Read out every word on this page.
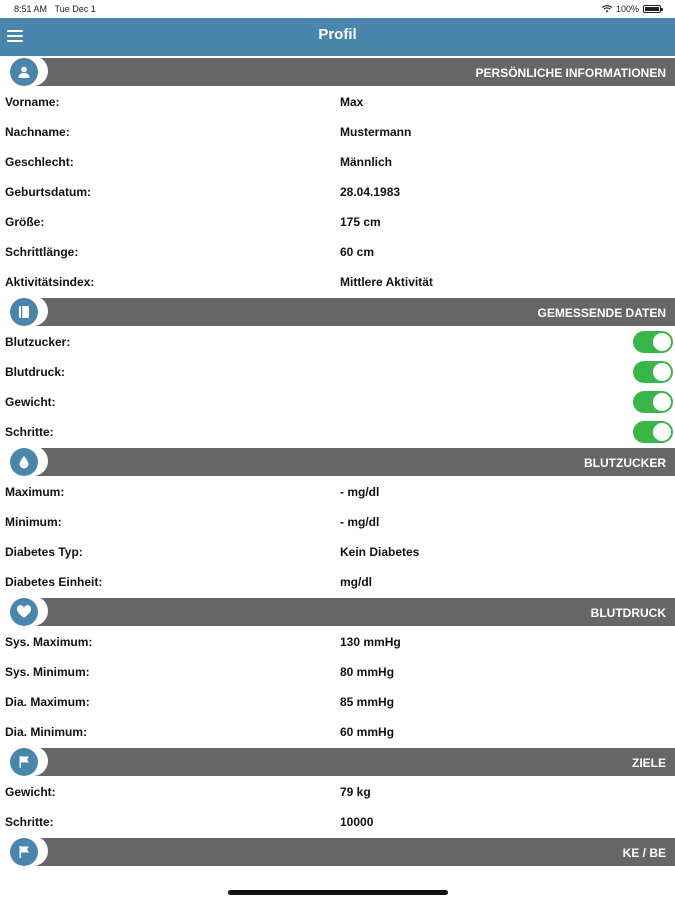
8:51 AM Tue Dec 1	100%
Profil
PERSÖNLICHE INFORMATIONEN
Vorname:	Max
Nachname:	Mustermann
Geschlecht:	Männlich
Geburtsdatum:	28.04.1983
Größe:	175 cm
Schrittlänge:	60 cm
Aktivitätsindex:	Mittlere Aktivität
GEMESSENDE DATEN
Blutzucker:
Blutdruck:
Gewicht:
Schritte:
BLUTZUCKER
Maximum:	- mg/dl
Minimum:	- mg/dl
Diabetes Typ:	Kein Diabetes
Diabetes Einheit:	mg/dl
BLUTDRUCK
Sys. Maximum:	130 mmHg
Sys. Minimum:	80 mmHg
Dia. Maximum:	85 mmHg
Dia. Minimum:	60 mmHg
ZIELE
Gewicht:	79 kg
Schritte:	10000
KE / BE
